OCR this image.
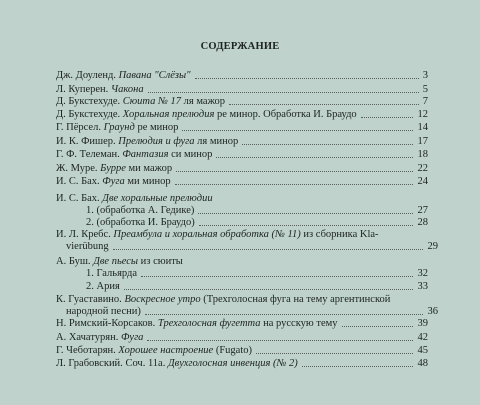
СОДЕРЖАНИЕ
Дж. Доуленд. Павана "Слёзы"	3
Л. Куперен. Чакона	5
Д. Букстехуде. Сюита № 17 ля мажор	7
Д. Букстехуде. Хоральная прелюдия ре минор. Обработка И. Браудо	12
Г. Пёрсел. Граунд ре минор	14
И. К. Фишер. Прелюдия и фуга ля минор	17
Г. Ф. Телеман. Фантазия си минор	18
Ж. Муре. Бурре ми мажор	22
И. С. Бах. Фуга ми минор	24
И. С. Бах. Две хоральные прелюдии
1. (обработка А. Гедике)	27
2. (обработка И. Браудо)	28
И. Л. Кребс. Преамбула и хоральная обработка (№ 11) из сборника Kla-
vierübung	29
А. Буш. Две пьесы из сюиты
1. Гальярда	32
2. Ария	33
К. Гуаставино. Воскресное утро (Трехголосная фуга на тему аргентинской
народной песни)	36
Н. Римский-Корсаков. Трехголосная фугетта на русскую тему	39
А. Хачатурян. Фуга	42
Г. Чеботарян. Хорошее настроение (Fugato)	45
Л. Грабовский. Соч. 11а. Двухголосная инвенция (№ 2)	48
